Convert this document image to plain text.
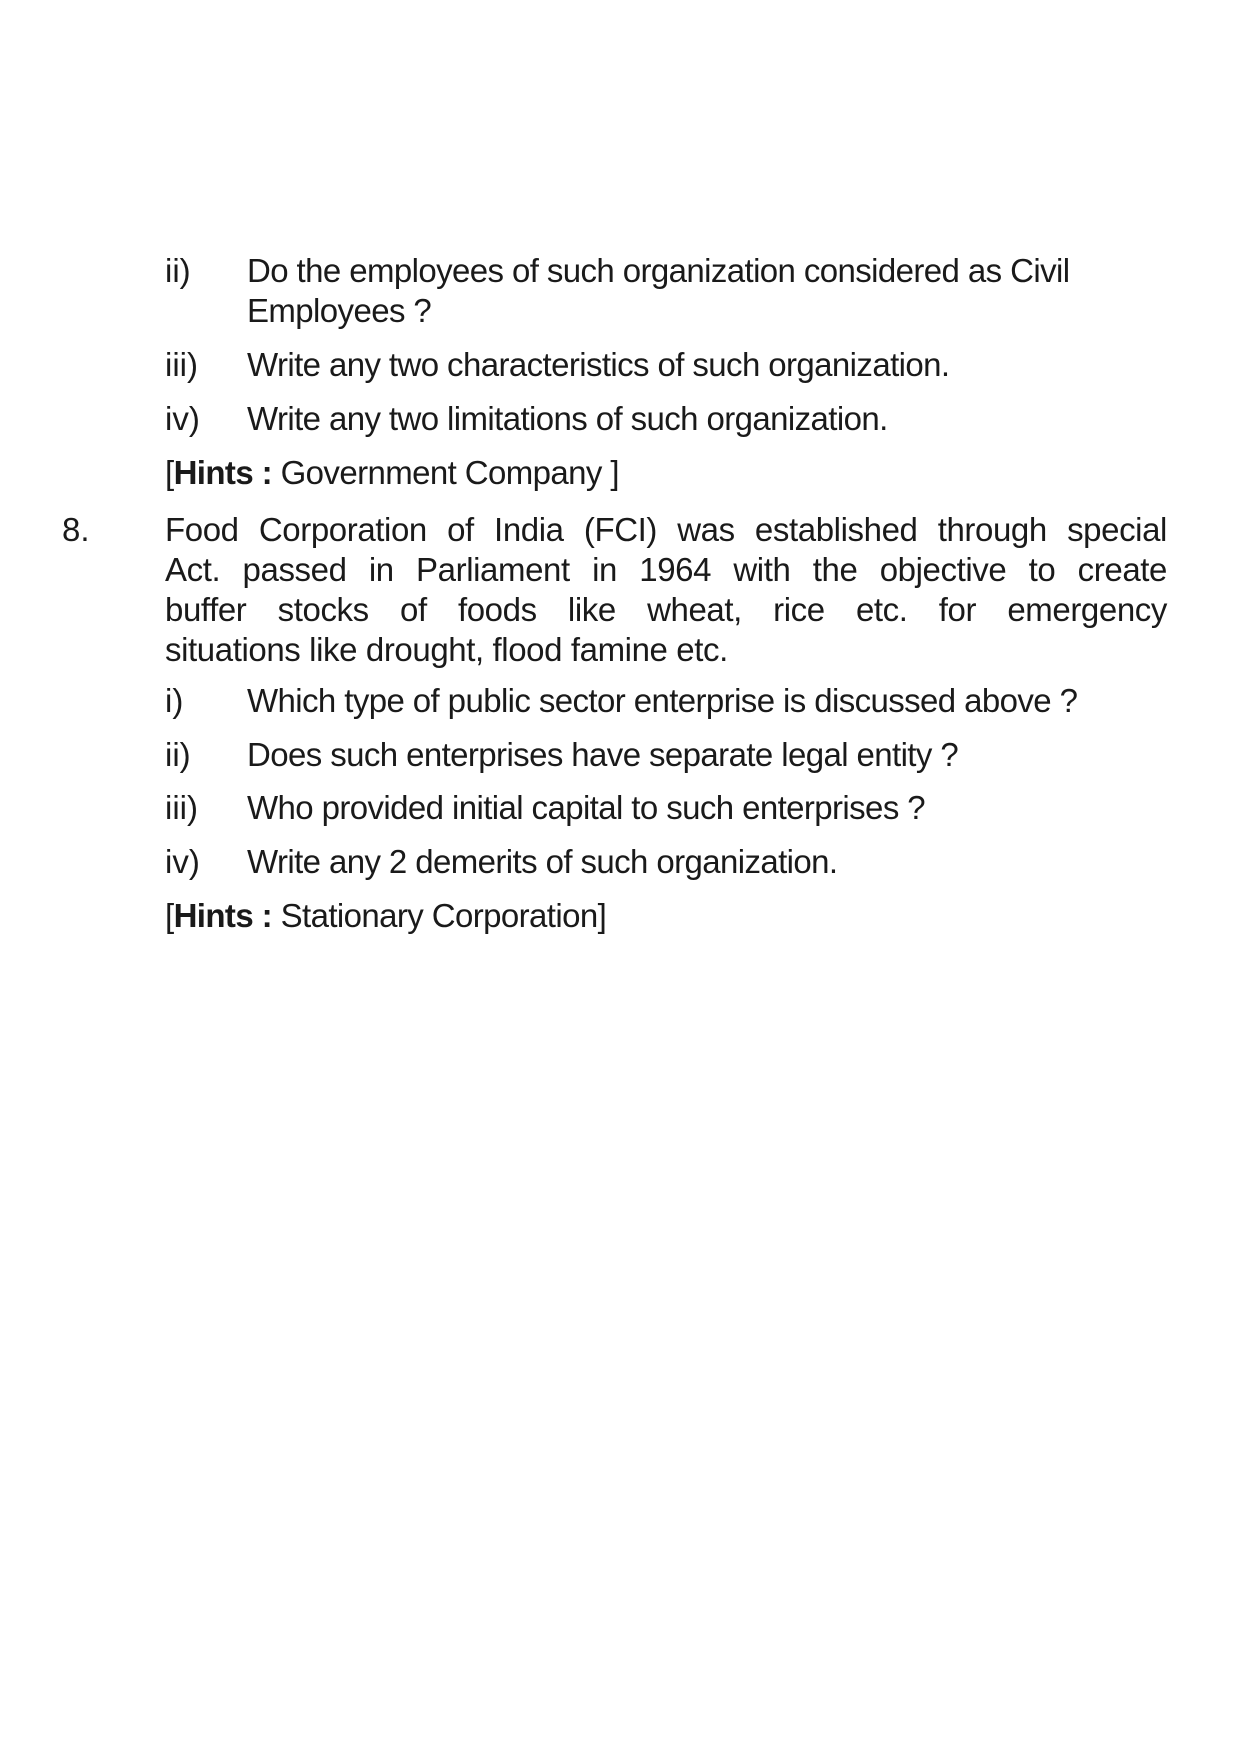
ii) Do the employees of such organization considered as Civil Employees ?
iii) Write any two characteristics of such organization.
iv) Write any two limitations of such organization.
[Hints : Government Company ]
8. Food Corporation of India (FCI) was established through special
Act. passed in Parliament in 1964 with the objective to create
buffer stocks of foods like wheat, rice etc. for emergency
situations like drought, flood famine etc.
i) Which type of public sector enterprise is discussed above ?
ii) Does such enterprises have separate legal entity ?
iii) Who provided initial capital to such enterprises ?
iv) Write any 2 demerits of such organization.
[Hints : Stationary Corporation]
